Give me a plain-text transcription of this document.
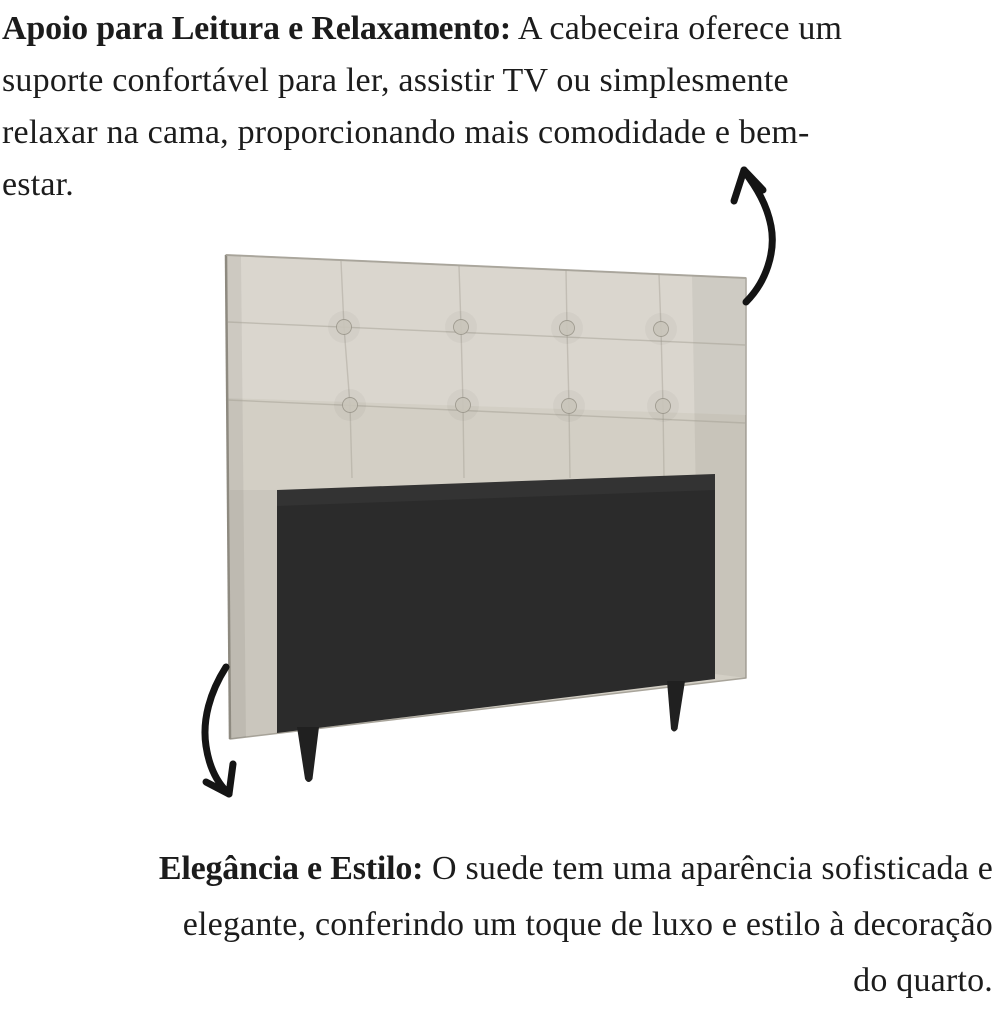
Apoio para Leitura e Relaxamento: A cabeceira oferece um
suporte confortável para ler, assistir TV ou simplesmente
relaxar na cama, proporcionando mais comodidade e bem-
estar.
Elegância e Estilo: O suede tem uma aparência sofisticada e
elegante, conferindo um toque de luxo e estilo à decoração
do quarto.
